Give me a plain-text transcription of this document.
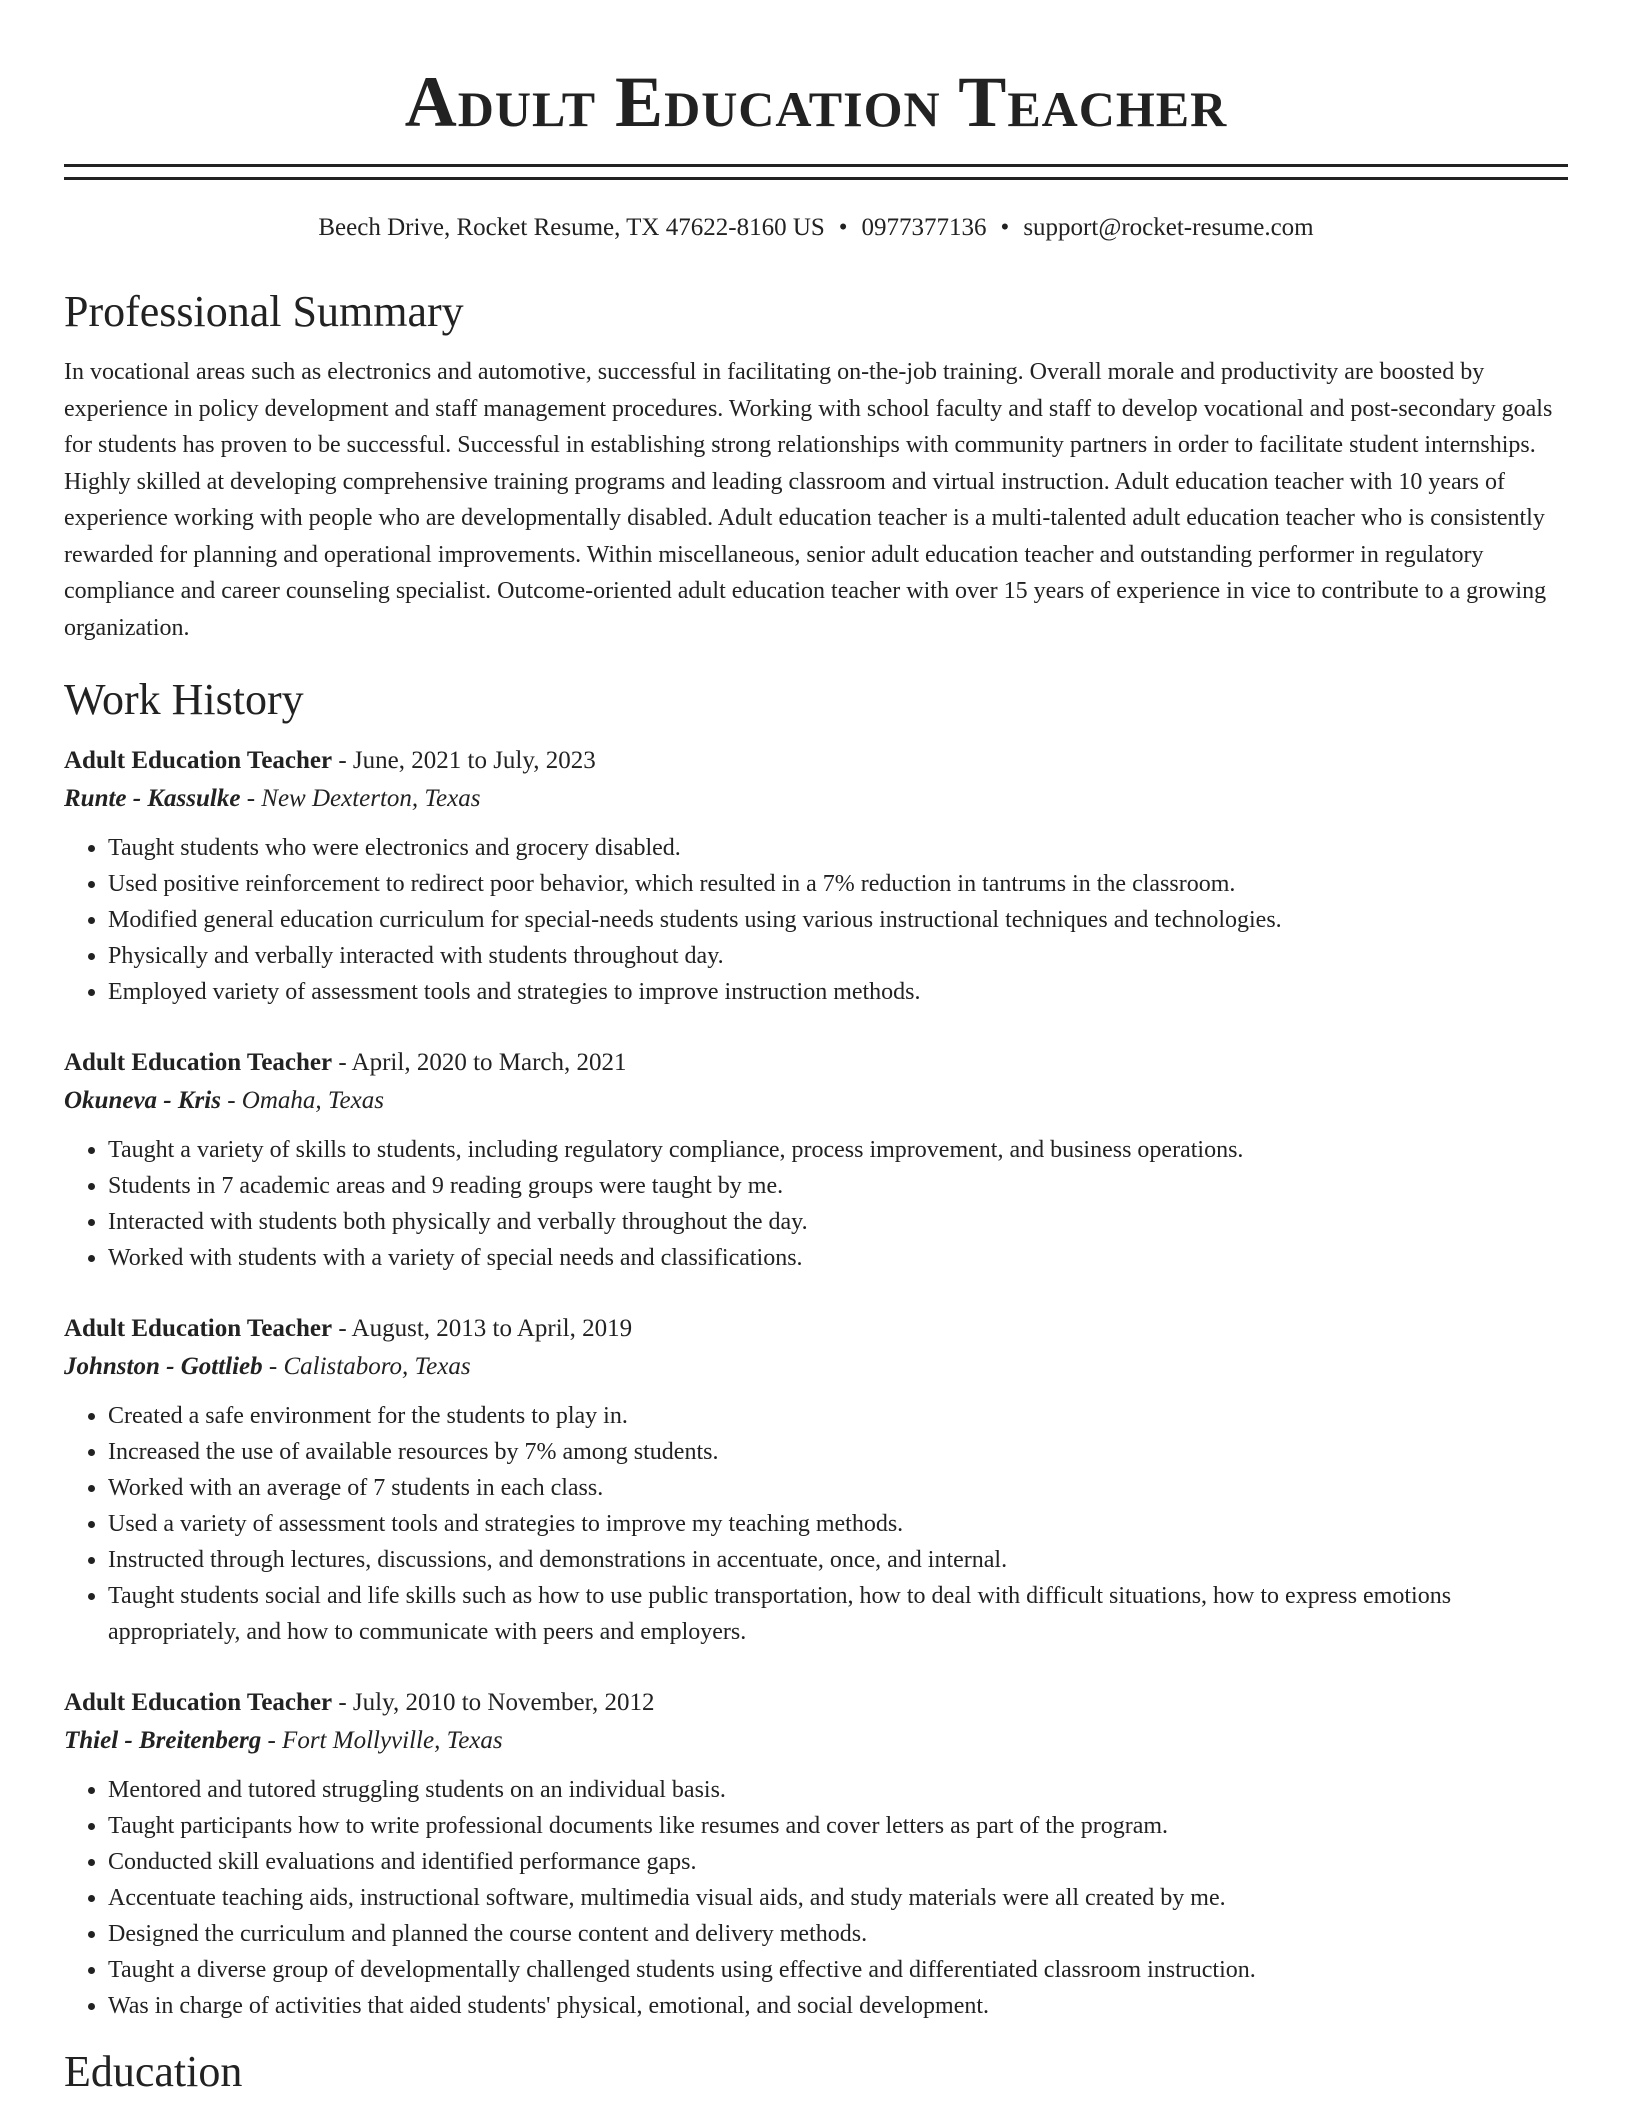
Adult Education Teacher
Beech Drive, Rocket Resume, TX 47622-8160 US • 0977377136 • support@rocket-resume.com
Professional Summary

In vocational areas such as electronics and automotive, successful in facilitating on-the-job training. Overall morale and productivity are boosted by experience in policy development and staff management procedures. Working with school faculty and staff to develop vocational and post-secondary goals for students has proven to be successful. Successful in establishing strong relationships with community partners in order to facilitate student internships. Highly skilled at developing comprehensive training programs and leading classroom and virtual instruction. Adult education teacher with 10 years of experience working with people who are developmentally disabled. Adult education teacher is a multi-talented adult education teacher who is consistently rewarded for planning and operational improvements. Within miscellaneous, senior adult education teacher and outstanding performer in regulatory compliance and career counseling specialist. Outcome-oriented adult education teacher with over 15 years of experience in vice to contribute to a growing organization.

Work History

Adult Education Teacher - June, 2021 to July, 2023

Runte - Kassulke - New Dexterton, Texas

• Taught students who were electronics and grocery disabled.
• Used positive reinforcement to redirect poor behavior, which resulted in a 7% reduction in tantrums in the classroom.
• Modified general education curriculum for special-needs students using various instructional techniques and technologies.
• Physically and verbally interacted with students throughout day.
• Employed variety of assessment tools and strategies to improve instruction methods.

Adult Education Teacher - April, 2020 to March, 2021

Okuneva - Kris - Omaha, Texas

• Taught a variety of skills to students, including regulatory compliance, process improvement, and business operations.
• Students in 7 academic areas and 9 reading groups were taught by me.
• Interacted with students both physically and verbally throughout the day.
• Worked with students with a variety of special needs and classifications.

Adult Education Teacher - August, 2013 to April, 2019

Johnston - Gottlieb - Calistaboro, Texas

• Created a safe environment for the students to play in.
• Increased the use of available resources by 7% among students.
• Worked with an average of 7 students in each class.
• Used a variety of assessment tools and strategies to improve my teaching methods.
• Instructed through lectures, discussions, and demonstrations in accentuate, once, and internal.
• Taught students social and life skills such as how to use public transportation, how to deal with difficult situations, how to express emotions appropriately, and how to communicate with peers and employers.

Adult Education Teacher - July, 2010 to November, 2012

Thiel - Breitenberg - Fort Mollyville, Texas

• Mentored and tutored struggling students on an individual basis.
• Taught participants how to write professional documents like resumes and cover letters as part of the program.
• Conducted skill evaluations and identified performance gaps.
• Accentuate teaching aids, instructional software, multimedia visual aids, and study materials were all created by me.
• Designed the curriculum and planned the course content and delivery methods.
• Taught a diverse group of developmentally challenged students using effective and differentiated classroom instruction.
• Was in charge of activities that aided students' physical, emotional, and social development.
Education
